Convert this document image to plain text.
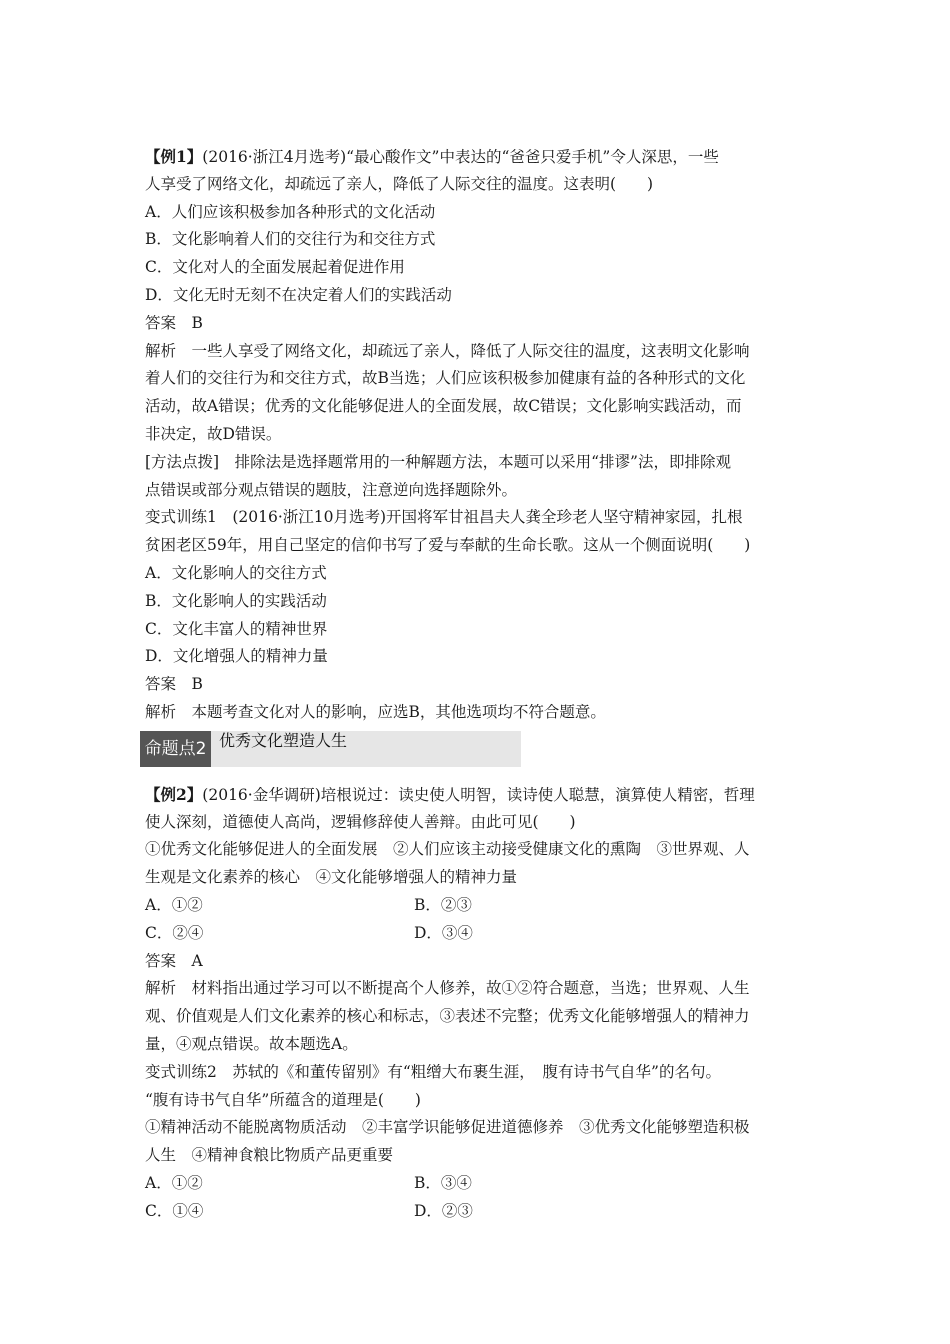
【例1】(2016·浙江4月选考)“最心酸作文”中表达的“爸爸只爱手机”令人深思，一些
人享受了网络文化，却疏远了亲人，降低了人际交往的温度。这表明(　　)
A．人们应该积极参加各种形式的文化活动
B．文化影响着人们的交往行为和交往方式
C．文化对人的全面发展起着促进作用
D．文化无时无刻不在决定着人们的实践活动
答案　B
解析　一些人享受了网络文化，却疏远了亲人，降低了人际交往的温度，这表明文化影响
着人们的交往行为和交往方式，故B当选；人们应该积极参加健康有益的各种形式的文化
活动，故A错误；优秀的文化能够促进人的全面发展，故C错误；文化影响实践活动，而
非决定，故D错误。
[方法点拨]　排除法是选择题常用的一种解题方法，本题可以采用“排谬”法，即排除观
点错误或部分观点错误的题肢，注意逆向选择题除外。
变式训练1　(2016·浙江10月选考)开国将军甘祖昌夫人龚全珍老人坚守精神家园，扎根
贫困老区59年，用自己坚定的信仰书写了爱与奉献的生命长歌。这从一个侧面说明(　　)
A．文化影响人的交往方式
B．文化影响人的实践活动
C．文化丰富人的精神世界
D．文化增强人的精神力量
答案　B
解析　本题考查文化对人的影响，应选B，其他选项均不符合题意。
命题点2 优秀文化塑造人生
【例2】(2016·金华调研)培根说过：读史使人明智，读诗使人聪慧，演算使人精密，哲理
使人深刻，道德使人高尚，逻辑修辞使人善辩。由此可见(　　)
①优秀文化能够促进人的全面发展　②人们应该主动接受健康文化的熏陶　③世界观、人
生观是文化素养的核心　④文化能够增强人的精神力量
A．①②	B．②③
C．②④	D．③④
答案　A
解析　材料指出通过学习可以不断提高个人修养，故①②符合题意，当选；世界观、人生
观、价值观是人们文化素养的核心和标志，③表述不完整；优秀文化能够增强人的精神力
量，④观点错误。故本题选A。
变式训练2　苏轼的《和董传留别》有“粗缯大布裹生涯，　腹有诗书气自华”的名句。
“腹有诗书气自华”所蕴含的道理是(　　)
①精神活动不能脱离物质活动　②丰富学识能够促进道德修养　③优秀文化能够塑造积极
人生　④精神食粮比物质产品更重要
A．①②	B．③④
C．①④	D．②③
